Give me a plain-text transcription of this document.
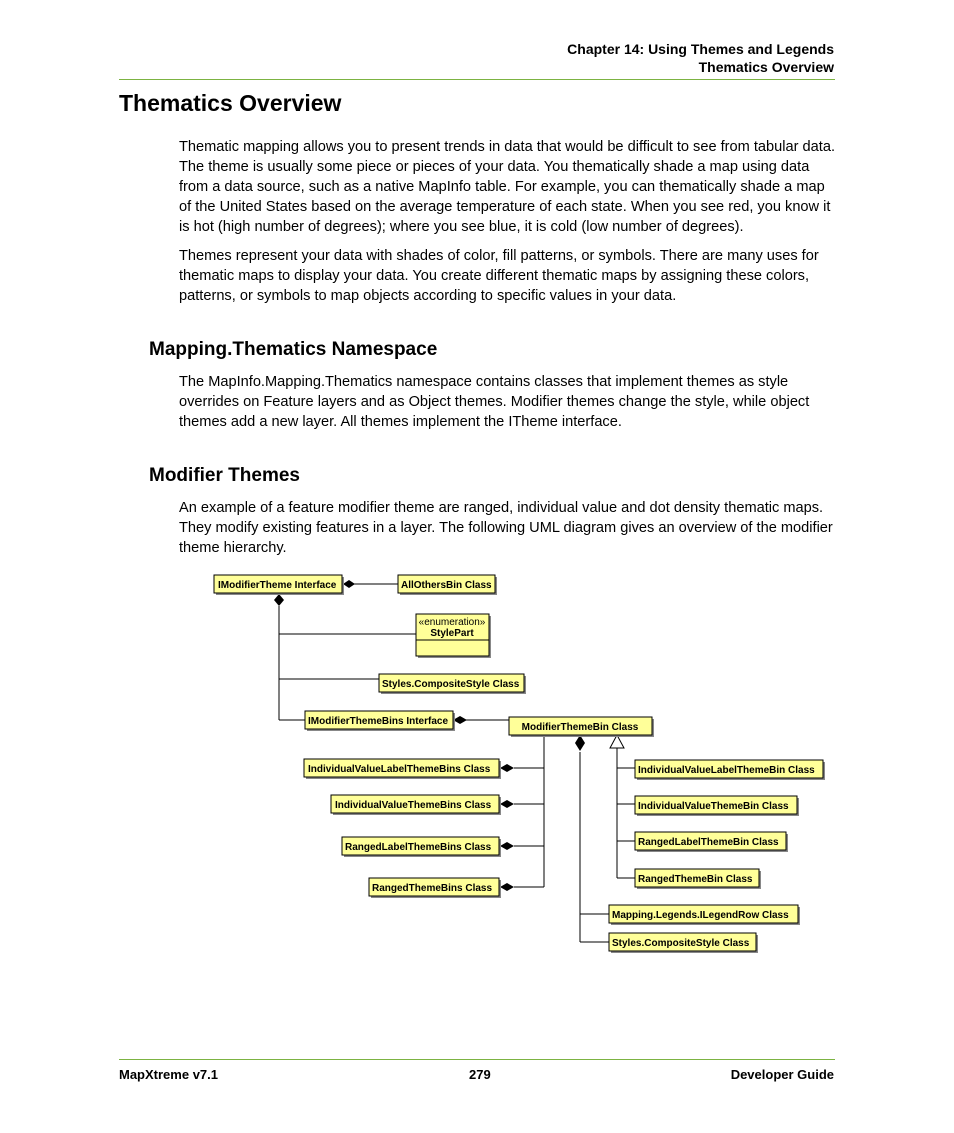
Chapter 14: Using Themes and Legends
Thematics Overview
Thematics Overview

Thematic mapping allows you to present trends in data that would be difficult to see from tabular data. The theme is usually some piece or pieces of your data. You thematically shade a map using data from a data source, such as a native MapInfo table. For example, you can thematically shade a map of the United States based on the average temperature of each state. When you see red, you know it is hot (high number of degrees); where you see blue, it is cold (low number of degrees).

Themes represent your data with shades of color, fill patterns, or symbols. There are many uses for thematic maps to display your data. You create different thematic maps by assigning these colors, patterns, or symbols to map objects according to specific values in your data.

Mapping.Thematics Namespace

The MapInfo.Mapping.Thematics namespace contains classes that implement themes as style overrides on Feature layers and as Object themes. Modifier themes change the style, while object themes add a new layer. All themes implement the ITheme interface.

Modifier Themes

An example of a feature modifier theme are ranged, individual value and dot density thematic maps. They modify existing features in a layer. The following UML diagram gives an overview of the modifier theme hierarchy.

IModifierTheme Interface	AllOthersBin Class
«enumeration»
StylePart
Styles.CompositeStyle Class
IModifierThemeBins Interface
ModifierThemeBin Class
IndividualValueLabelThemeBins Class
IndividualValueThemeBins Class
RangedLabelThemeBins Class
RangedThemeBins Class
IndividualValueLabelThemeBin Class
IndividualValueThemeBin Class
RangedLabelThemeBin Class
RangedThemeBin Class
Mapping.Legends.ILegendRow Class
Styles.CompositeStyle Class
MapXtreme v7.1	279	Developer Guide
